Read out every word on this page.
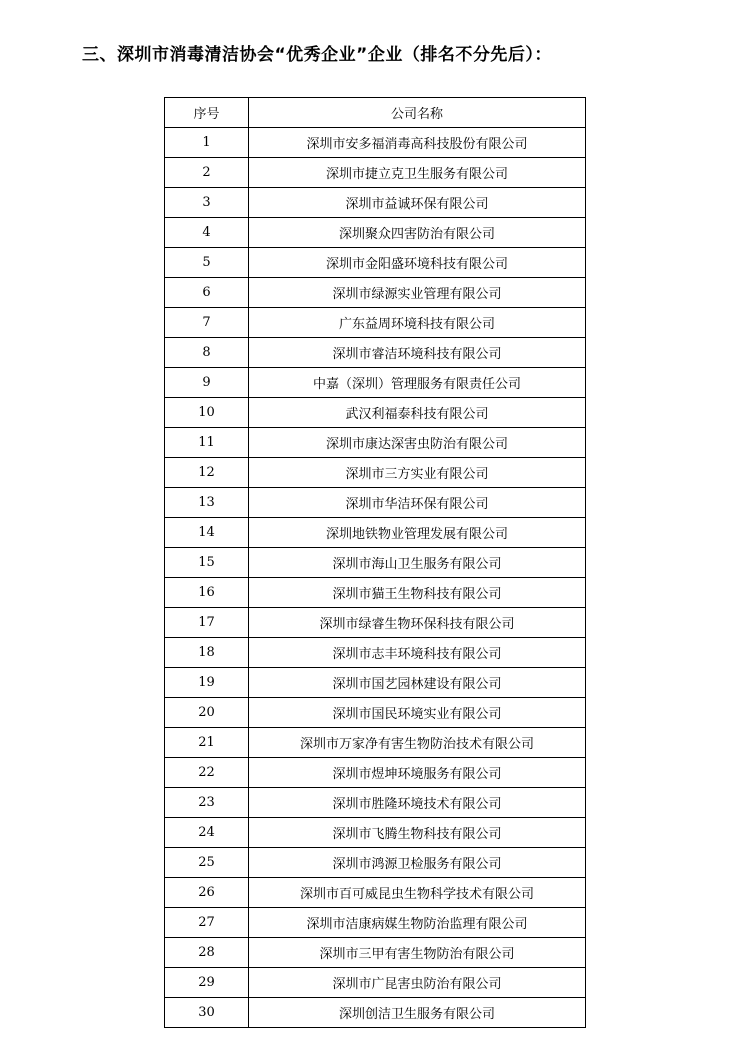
三、深圳市消毒清洁协会“优秀企业”企业（排名不分先后）：
序号	公司名称
1	深圳市安多福消毒高科技股份有限公司
2	深圳市捷立克卫生服务有限公司
3	深圳市益诚环保有限公司
4	深圳聚众四害防治有限公司
5	深圳市金阳盛环境科技有限公司
6	深圳市绿源实业管理有限公司
7	广东益周环境科技有限公司
8	深圳市睿洁环境科技有限公司
9	中嘉（深圳）管理服务有限责任公司
10	武汉利福泰科技有限公司
11	深圳市康达深害虫防治有限公司
12	深圳市三方实业有限公司
13	深圳市华洁环保有限公司
14	深圳地铁物业管理发展有限公司
15	深圳市海山卫生服务有限公司
16	深圳市猫王生物科技有限公司
17	深圳市绿睿生物环保科技有限公司
18	深圳市志丰环境科技有限公司
19	深圳市国艺园林建设有限公司
20	深圳市国民环境实业有限公司
21	深圳市万家净有害生物防治技术有限公司
22	深圳市煜坤环境服务有限公司
23	深圳市胜隆环境技术有限公司
24	深圳市飞腾生物科技有限公司
25	深圳市鸿源卫检服务有限公司
26	深圳市百可威昆虫生物科学技术有限公司
27	深圳市洁康病媒生物防治监理有限公司
28	深圳市三甲有害生物防治有限公司
29	深圳市广昆害虫防治有限公司
30	深圳创洁卫生服务有限公司
